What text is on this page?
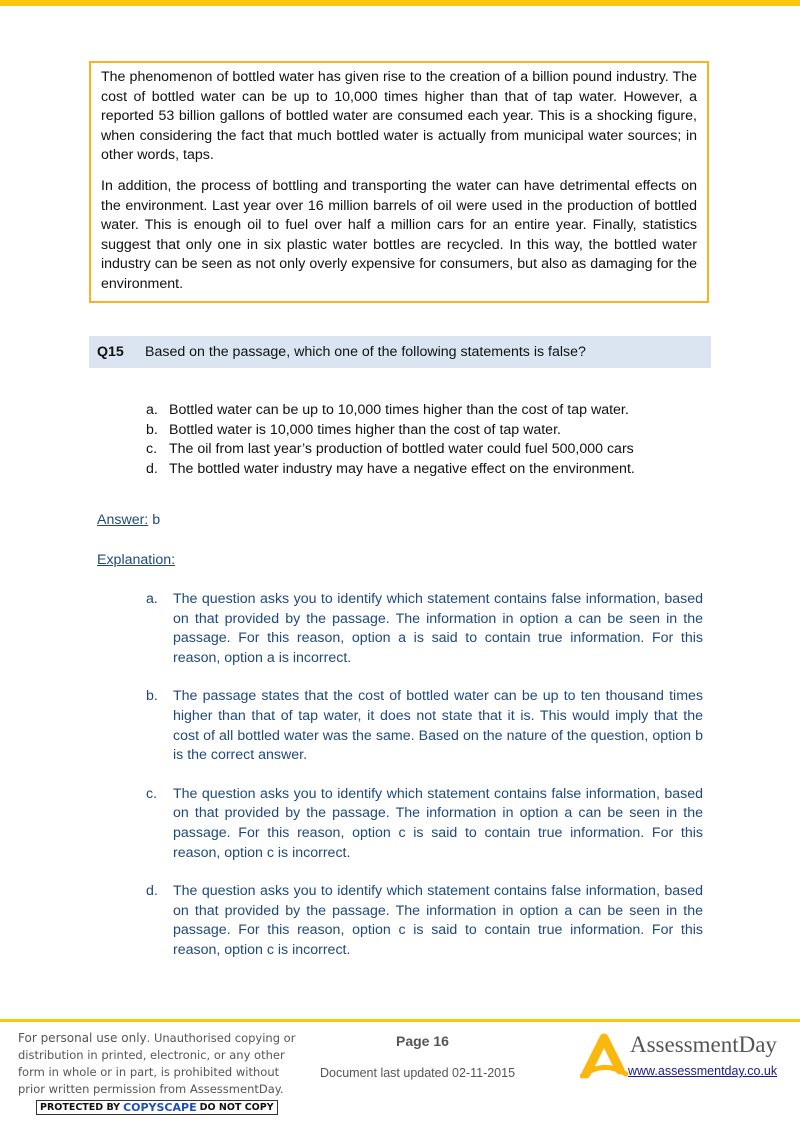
The phenomenon of bottled water has given rise to the creation of a billion pound industry. The cost of bottled water can be up to 10,000 times higher than that of tap water. However, a reported 53 billion gallons of bottled water are consumed each year. This is a shocking figure, when considering the fact that much bottled water is actually from municipal water sources; in other words, taps.

In addition, the process of bottling and transporting the water can have detrimental effects on the environment. Last year over 16 million barrels of oil were used in the production of bottled water. This is enough oil to fuel over half a million cars for an entire year. Finally, statistics suggest that only one in six plastic water bottles are recycled. In this way, the bottled water industry can be seen as not only overly expensive for consumers, but also as damaging for the environment.

Q15	Based on the passage, which one of the following statements is false?
a. Bottled water can be up to 10,000 times higher than the cost of tap water.
b. Bottled water is 10,000 times higher than the cost of tap water.
c. The oil from last year’s production of bottled water could fuel 500,000 cars
d. The bottled water industry may have a negative effect on the environment.
Answer: b
Explanation:
a.	The question asks you to identify which statement contains false information, based on that provided by the passage. The information in option a can be seen in the passage. For this reason, option a is said to contain true information. For this reason, option a is incorrect.
b.	The passage states that the cost of bottled water can be up to ten thousand times higher than that of tap water, it does not state that it is. This would imply that the cost of all bottled water was the same. Based on the nature of the question, option b is the correct answer.
c.	The question asks you to identify which statement contains false information, based on that provided by the passage. The information in option a can be seen in the passage. For this reason, option c is said to contain true information. For this reason, option c is incorrect.
d.	The question asks you to identify which statement contains false information, based on that provided by the passage. The information in option a can be seen in the passage. For this reason, option c is said to contain true information. For this reason, option c is incorrect.
For personal use only. Unauthorised copying or distribution in printed, electronic, or any other form in whole or in part, is prohibited without prior written permission from AssessmentDay.

PROTECTED BY COPYSCAPE DO NOT COPY
Page 16
Document last updated 02-11-2015
AssessmentDay
www.assessmentday.co.uk
